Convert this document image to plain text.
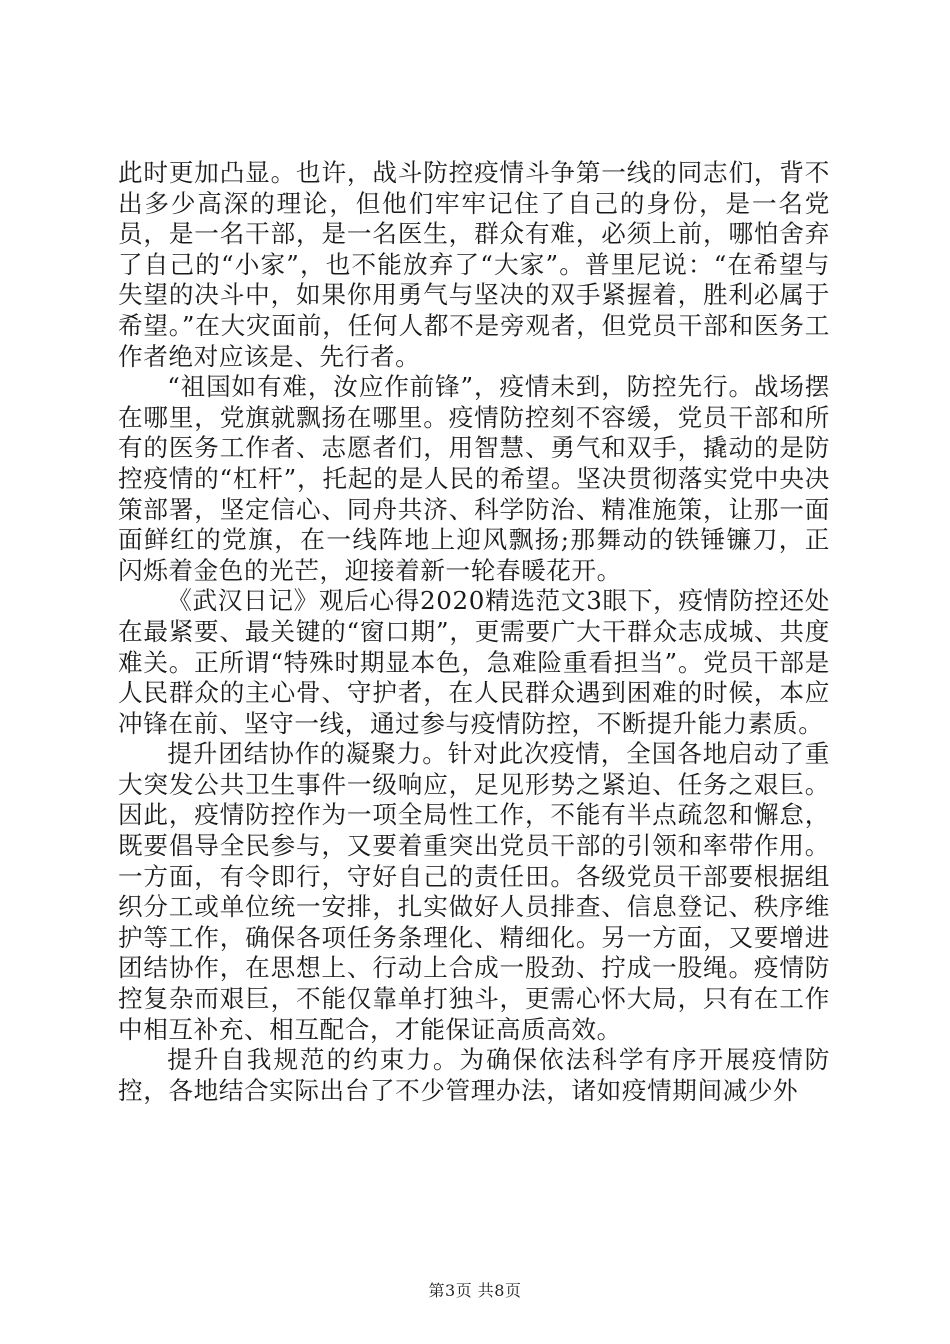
此时更加凸显。也许，战斗防控疫情斗争第一线的同志们，背不出多少高深的理论，但他们牢牢记住了自己的身份，是一名党员，是一名干部，是一名医生，群众有难，必须上前，哪怕舍弃了自己的“小家”，也不能放弃了“大家”。普里尼说：“在希望与失望的决斗中，如果你用勇气与坚决的双手紧握着，胜利必属于希望。”在大灾面前，任何人都不是旁观者，但党员干部和医务工作者绝对应该是、先行者。

“祖国如有难，汝应作前锋”，疫情未到，防控先行。战场摆在哪里，党旗就飘扬在哪里。疫情防控刻不容缓，党员干部和所有的医务工作者、志愿者们，用智慧、勇气和双手，撬动的是防控疫情的“杠杆”，托起的是人民的希望。坚决贯彻落实党中央决策部署，坚定信心、同舟共济、科学防治、精准施策，让那一面面鲜红的党旗，在一线阵地上迎风飘扬;那舞动的铁锤镰刀，正闪烁着金色的光芒，迎接着新一轮春暖花开。

《武汉日记》观后心得2020精选范文3眼下，疫情防控还处在最紧要、最关键的“窗口期”，更需要广大干群众志成城、共度难关。正所谓“特殊时期显本色，急难险重看担当”。党员干部是人民群众的主心骨、守护者，在人民群众遇到困难的时候，本应冲锋在前、坚守一线，通过参与疫情防控，不断提升能力素质。

提升团结协作的凝聚力。针对此次疫情，全国各地启动了重大突发公共卫生事件一级响应，足见形势之紧迫、任务之艰巨。因此，疫情防控作为一项全局性工作，不能有半点疏忽和懈怠，既要倡导全民参与，又要着重突出党员干部的引领和率带作用。一方面，有令即行，守好自己的责任田。各级党员干部要根据组织分工或单位统一安排，扎实做好人员排查、信息登记、秩序维护等工作，确保各项任务条理化、精细化。另一方面，又要增进团结协作，在思想上、行动上合成一股劲、拧成一股绳。疫情防控复杂而艰巨，不能仅靠单打独斗，更需心怀大局，只有在工作中相互补充、相互配合，才能保证高质高效。

提升自我规范的约束力。为确保依法科学有序开展疫情防控，各地结合实际出台了不少管理办法，诸如疫情期间减少外

第3页 共8页
